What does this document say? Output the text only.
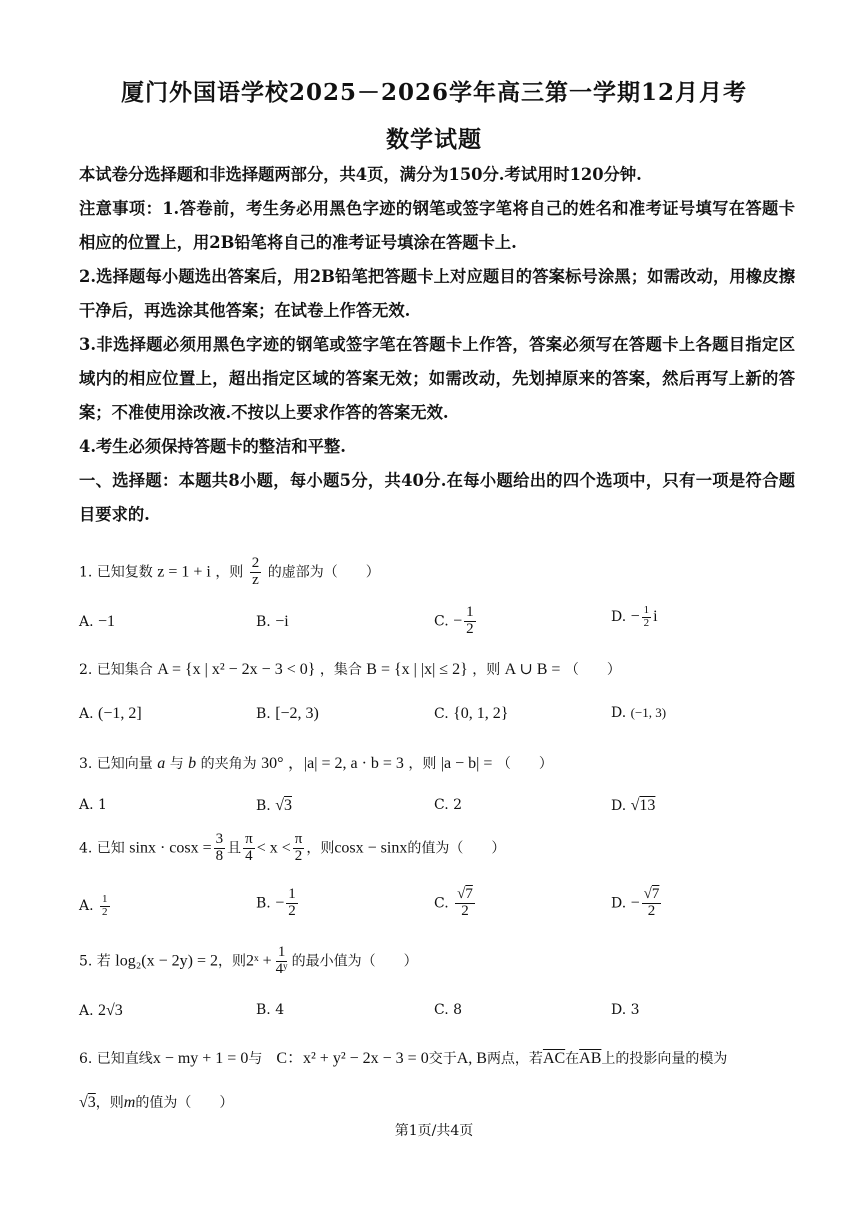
厦门外国语学校2025－2026学年高三第一学期12月月考
数学试题
本试卷分选择题和非选择题两部分，共4页，满分为150分.考试用时120分钟.
注意事项：1.答卷前，考生务必用黑色字迹的钢笔或签字笔将自己的姓名和准考证号填写在答题卡相应的位置上，用2B铅笔将自己的准考证号填涂在答题卡上.
2.选择题每小题选出答案后，用2B铅笔把答题卡上对应题目的答案标号涂黑；如需改动，用橡皮擦干净后，再选涂其他答案；在试卷上作答无效.
3.非选择题必须用黑色字迹的钢笔或签字笔在答题卡上作答，答案必须写在答题卡上各题目指定区域内的相应位置上，超出指定区域的答案无效；如需改动，先划掉原来的答案，然后再写上新的答案；不准使用涂改液.不按以上要求作答的答案无效.
4.考生必须保持答题卡的整洁和平整.
一、选择题：本题共8小题，每小题5分，共40分.在每小题给出的四个选项中，只有一项是符合题目要求的.
1. 已知复数 z = 1 + i ，则 $\frac{2}{z}$ 的虚部为（　　）
A. −1	B. −i	C. − $\frac{1}{2}$	D. − $\frac{1}{2}$ i
2. 已知集合 A = {x | x² − 2x − 3 < 0} ，集合 B = {x | |x| ≤ 2} ，则 A ∪ B = （　　）
A. (−1, 2]	B. [−2, 3)	C. {0, 1, 2}	D. (−1, 3)
3. 已知向量 a 与 b 的夹角为 30° ，|a| = 2, a · b = 3 ，则 |a − b| = （　　）
A. 1	B. √3	C. 2	D. √13
4. 已知 $\sin x \cdot \cos x = \frac{3}{8}$ 且 $\frac{\pi}{4} < x < \frac{\pi}{2}$ ，则cosx − sinx的值为（　　）
A. $\frac{1}{2}$	B. − $\frac{1}{2}$	C. $\frac{√7}{2}$	D. − $\frac{√7}{2}$
5. 若 log₂(x − 2y) = 2，则2ˣ + $\frac{1}{\text{4ʸ}}$ 的最小值为（　　）
A. 2√3	B. 4	C. 8	D. 3
6. 已知直线x − my + 1 = 0与　C：x² + y² − 2x − 3 = 0交于A, B两点，若$\overline{AC}$在$\overline{AB}$上的投影向量的模为
√3，则m的值为（　　）
第1页/共4页
